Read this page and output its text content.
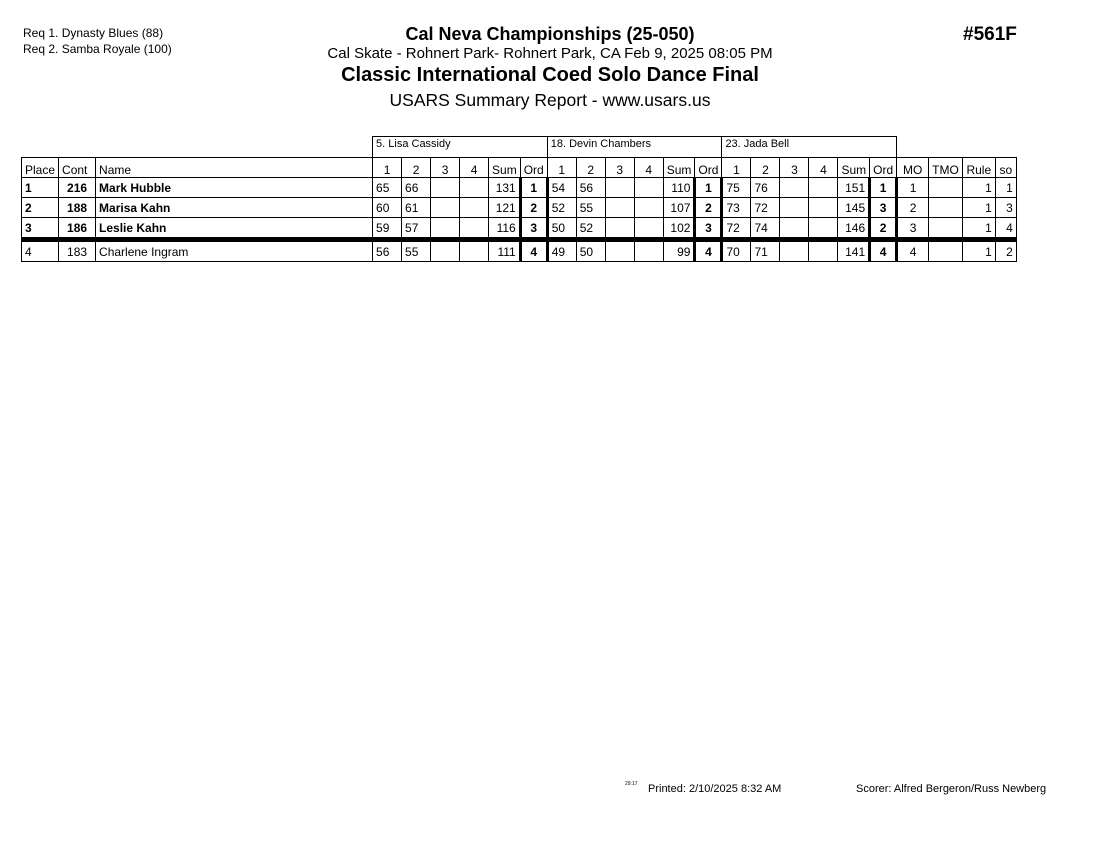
Req 1. Dynasty Blues (88)
Req 2. Samba Royale (100)
Cal Neva Championships (25-050)
Cal Skate - Rohnert Park- Rohnert Park, CA Feb 9, 2025 08:05 PM
Classic International Coed Solo Dance Final
USARS Summary Report - www.usars.us
#561F
			5. Lisa Cassidy						18. Devin Chambers						23. Jada Bell									
Place	Cont	Name	1	2	3	4	Sum	Ord	1	2	3	4	Sum	Ord	1	2	3	4	Sum	Ord	MO	TMO	Rule	so
1	216	Mark Hubble	65	66			131	1	54	56			110	1	75	76			151	1	1		1	1
2	188	Marisa Kahn	60	61			121	2	52	55			107	2	73	72			145	3	2		1	3
3	186	Leslie Kahn	59	57			116	3	50	52			102	3	72	74			146	2	3		1	4
4	183	Charlene Ingram	56	55			111	4	49	50			99	4	70	71			141	4	4		1	2
29:17 Printed: 2/10/2025 8:32 AM	Scorer: Alfred Bergeron/Russ Newberg
